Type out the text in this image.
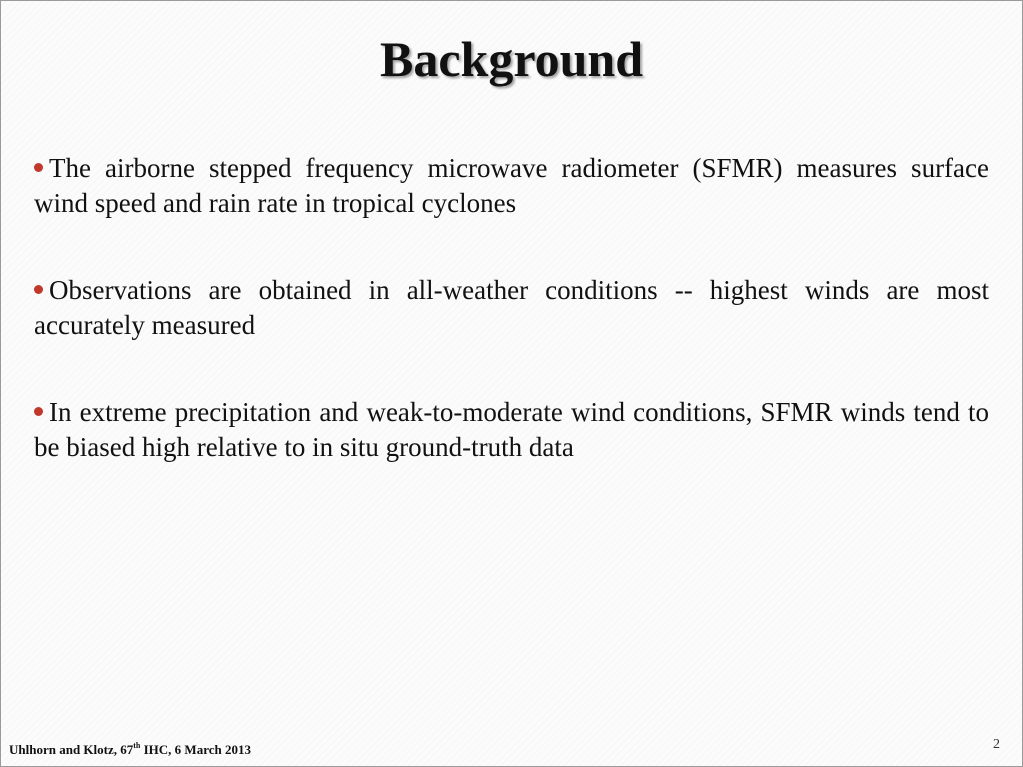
Background
The airborne stepped frequency microwave radiometer (SFMR) measures surface wind speed and rain rate in tropical cyclones
Observations are obtained in all-weather conditions -- highest winds are most accurately measured
In extreme precipitation and weak-to-moderate wind conditions, SFMR winds tend to be biased high relative to in situ ground-truth data
Uhlhorn and Klotz, 67th IHC, 6 March 2013	2
